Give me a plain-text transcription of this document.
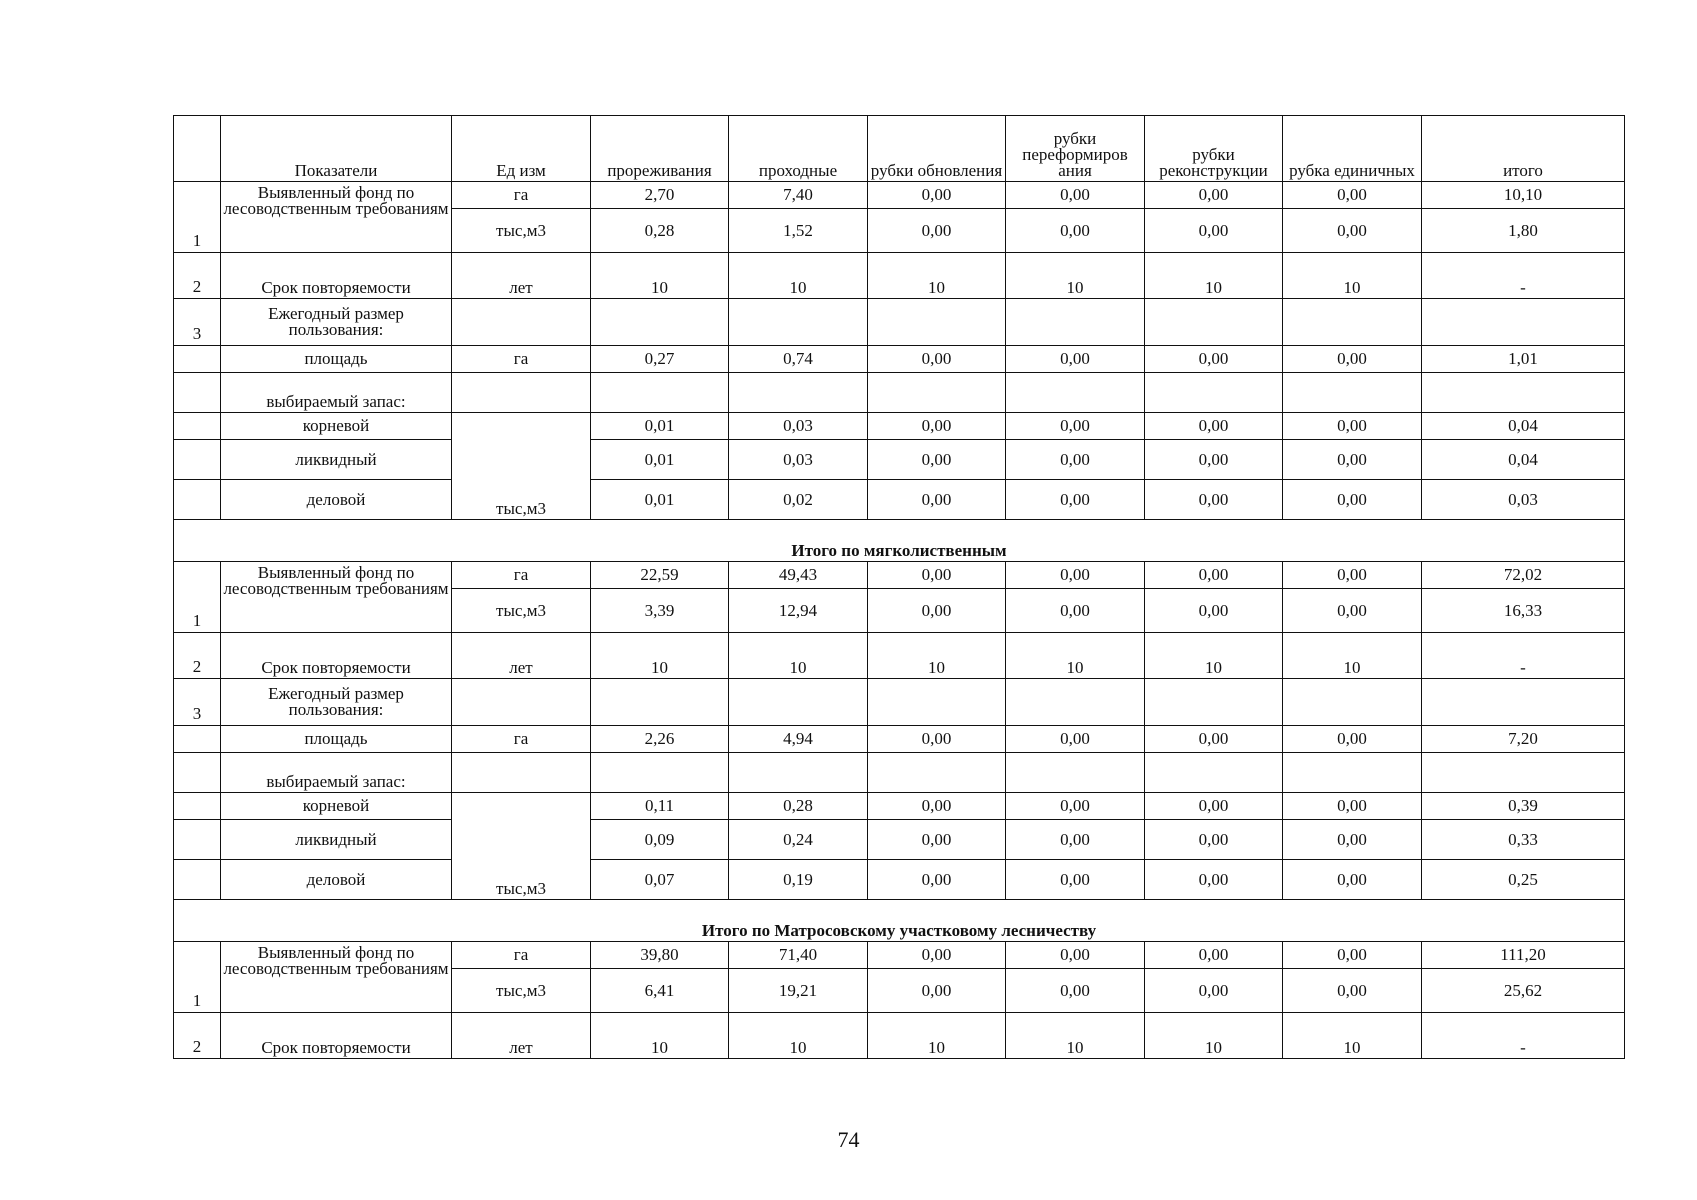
	Показатели	Ед изм	прореживания	проходные	рубки обновления	рубки переформиров ания	рубки реконструкции	рубка единичных	итого
1	Выявленный фонд по лесоводственным требованиям	га	2,70	7,40	0,00	0,00	0,00	0,00	10,10
		тыс,м3	0,28	1,52	0,00	0,00	0,00	0,00	1,80
2	Срок повторяемости	лет	10	10	10	10	10	10	-
3	Ежегодный размер пользования:								
	площадь	га	0,27	0,74	0,00	0,00	0,00	0,00	1,01
	выбираемый запас:								
	корневой	тыс,м3	0,01	0,03	0,00	0,00	0,00	0,00	0,04
	ликвидный		0,01	0,03	0,00	0,00	0,00	0,00	0,04
	деловой		0,01	0,02	0,00	0,00	0,00	0,00	0,03
Итого по мягколиственным									
1	Выявленный фонд по лесоводственным требованиям	га	22,59	49,43	0,00	0,00	0,00	0,00	72,02
		тыс,м3	3,39	12,94	0,00	0,00	0,00	0,00	16,33
2	Срок повторяемости	лет	10	10	10	10	10	10	-
3	Ежегодный размер пользования:								
	площадь	га	2,26	4,94	0,00	0,00	0,00	0,00	7,20
	выбираемый запас:								
	корневой	тыс,м3	0,11	0,28	0,00	0,00	0,00	0,00	0,39
	ликвидный		0,09	0,24	0,00	0,00	0,00	0,00	0,33
	деловой		0,07	0,19	0,00	0,00	0,00	0,00	0,25
Итого по Матросовскому участковому лесничеству									
1	Выявленный фонд по лесоводственным требованиям	га	39,80	71,40	0,00	0,00	0,00	0,00	111,20
		тыс,м3	6,41	19,21	0,00	0,00	0,00	0,00	25,62
2	Срок повторяемости	лет	10	10	10	10	10	10	-
74
